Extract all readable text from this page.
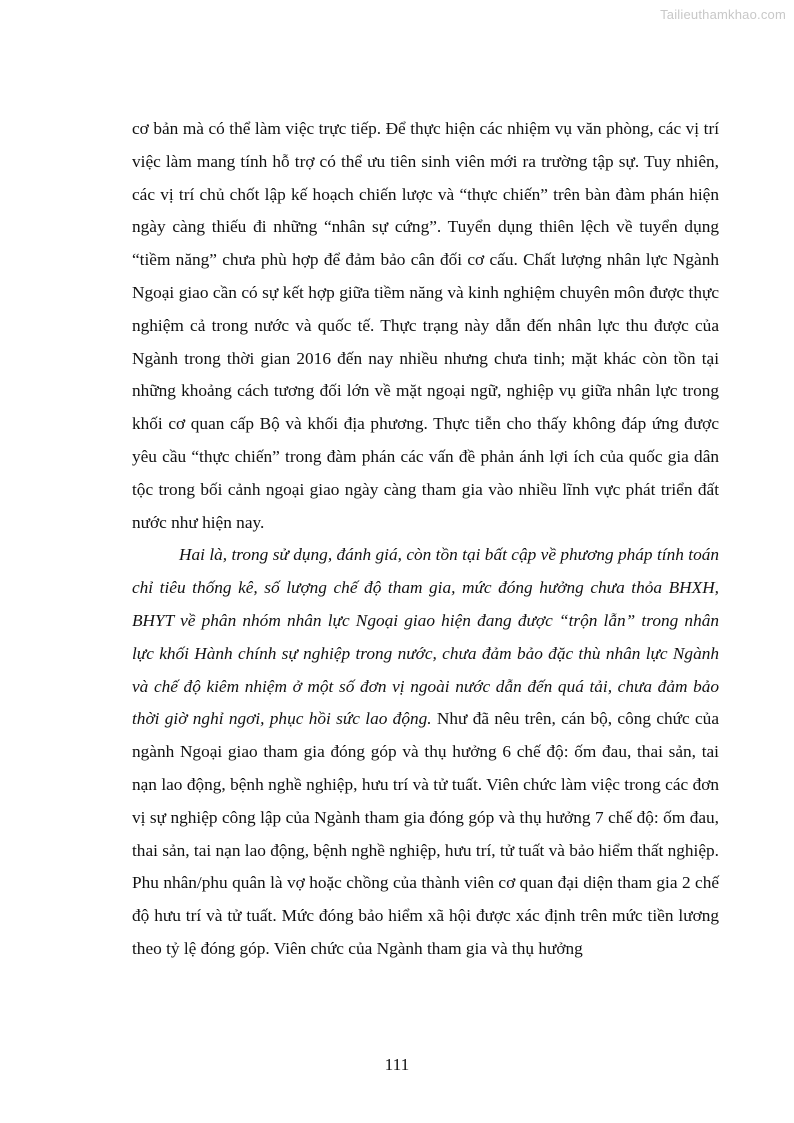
Tailieuthamkhao.com

cơ bản mà có thể làm việc trực tiếp. Để thực hiện các nhiệm vụ văn phòng, các vị trí việc làm mang tính hỗ trợ có thể ưu tiên sinh viên mới ra trường tập sự. Tuy nhiên, các vị trí chủ chốt lập kế hoạch chiến lược và “thực chiến” trên bàn đàm phán hiện ngày càng thiếu đi những “nhân sự cứng”. Tuyển dụng thiên lệch về tuyển dụng “tiềm năng” chưa phù hợp để đảm bảo cân đối cơ cấu. Chất lượng nhân lực Ngành Ngoại giao cần có sự kết hợp giữa tiềm năng và kinh nghiệm chuyên môn được thực nghiệm cả trong nước và quốc tế. Thực trạng này dẫn đến nhân lực thu được của Ngành trong thời gian 2016 đến nay nhiều nhưng chưa tinh; mặt khác còn tồn tại những khoảng cách tương đối lớn về mặt ngoại ngữ, nghiệp vụ giữa nhân lực trong khối cơ quan cấp Bộ và khối địa phương. Thực tiễn cho thấy không đáp ứng được yêu cầu “thực chiến” trong đàm phán các vấn đề phản ánh lợi ích của quốc gia dân tộc trong bối cảnh ngoại giao ngày càng tham gia vào nhiều lĩnh vực phát triển đất nước như hiện nay.

Hai là, trong sử dụng, đánh giá, còn tồn tại bất cập về phương pháp tính toán chỉ tiêu thống kê, số lượng chế độ tham gia, mức đóng hưởng chưa thỏa BHXH, BHYT về phân nhóm nhân lực Ngoại giao hiện đang được “trộn lẫn” trong nhân lực khối Hành chính sự nghiệp trong nước, chưa đảm bảo đặc thù nhân lực Ngành và chế độ kiêm nhiệm ở một số đơn vị ngoài nước dẫn đến quá tải, chưa đảm bảo thời giờ nghỉ ngơi, phục hồi sức lao động. Như đã nêu trên, cán bộ, công chức của ngành Ngoại giao tham gia đóng góp và thụ hưởng 6 chế độ: ốm đau, thai sản, tai nạn lao động, bệnh nghề nghiệp, hưu trí và tử tuất. Viên chức làm việc trong các đơn vị sự nghiệp công lập của Ngành tham gia đóng góp và thụ hưởng 7 chế độ: ốm đau, thai sản, tai nạn lao động, bệnh nghề nghiệp, hưu trí, tử tuất và bảo hiểm thất nghiệp. Phu nhân/phu quân là vợ hoặc chồng của thành viên cơ quan đại diện tham gia 2 chế độ hưu trí và tử tuất. Mức đóng bảo hiểm xã hội được xác định trên mức tiền lương theo tỷ lệ đóng góp. Viên chức của Ngành tham gia và thụ hưởng

111
